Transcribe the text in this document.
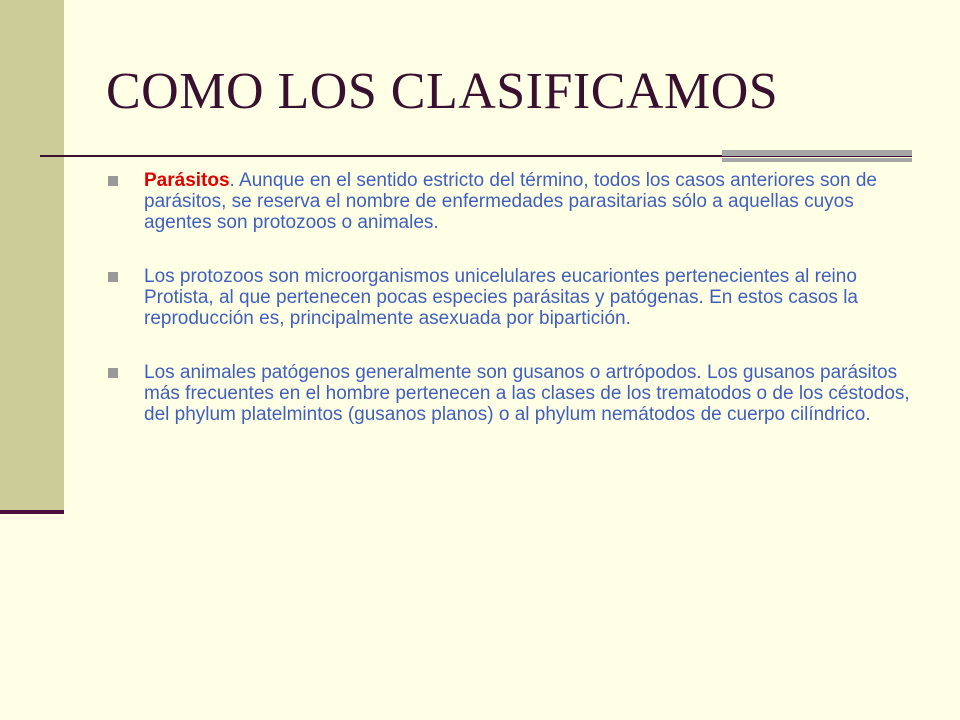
COMO LOS CLASIFICAMOS
Parásitos. Aunque en el sentido estricto del término, todos los casos anteriores son de parásitos, se reserva el nombre de enfermedades parasitarias sólo a aquellas cuyos agentes son protozoos o animales.
Los protozoos son microorganismos unicelulares eucariontes pertenecientes al reino Protista, al que pertenecen pocas especies parásitas y patógenas. En estos casos la reproducción es, principalmente asexuada por bipartición.
Los animales patógenos generalmente son gusanos o artrópodos. Los gusanos parásitos más frecuentes en el hombre pertenecen a las clases de los trematodos o de los céstodos, del phylum platelmintos (gusanos planos) o al phylum nemátodos de cuerpo cilíndrico.
